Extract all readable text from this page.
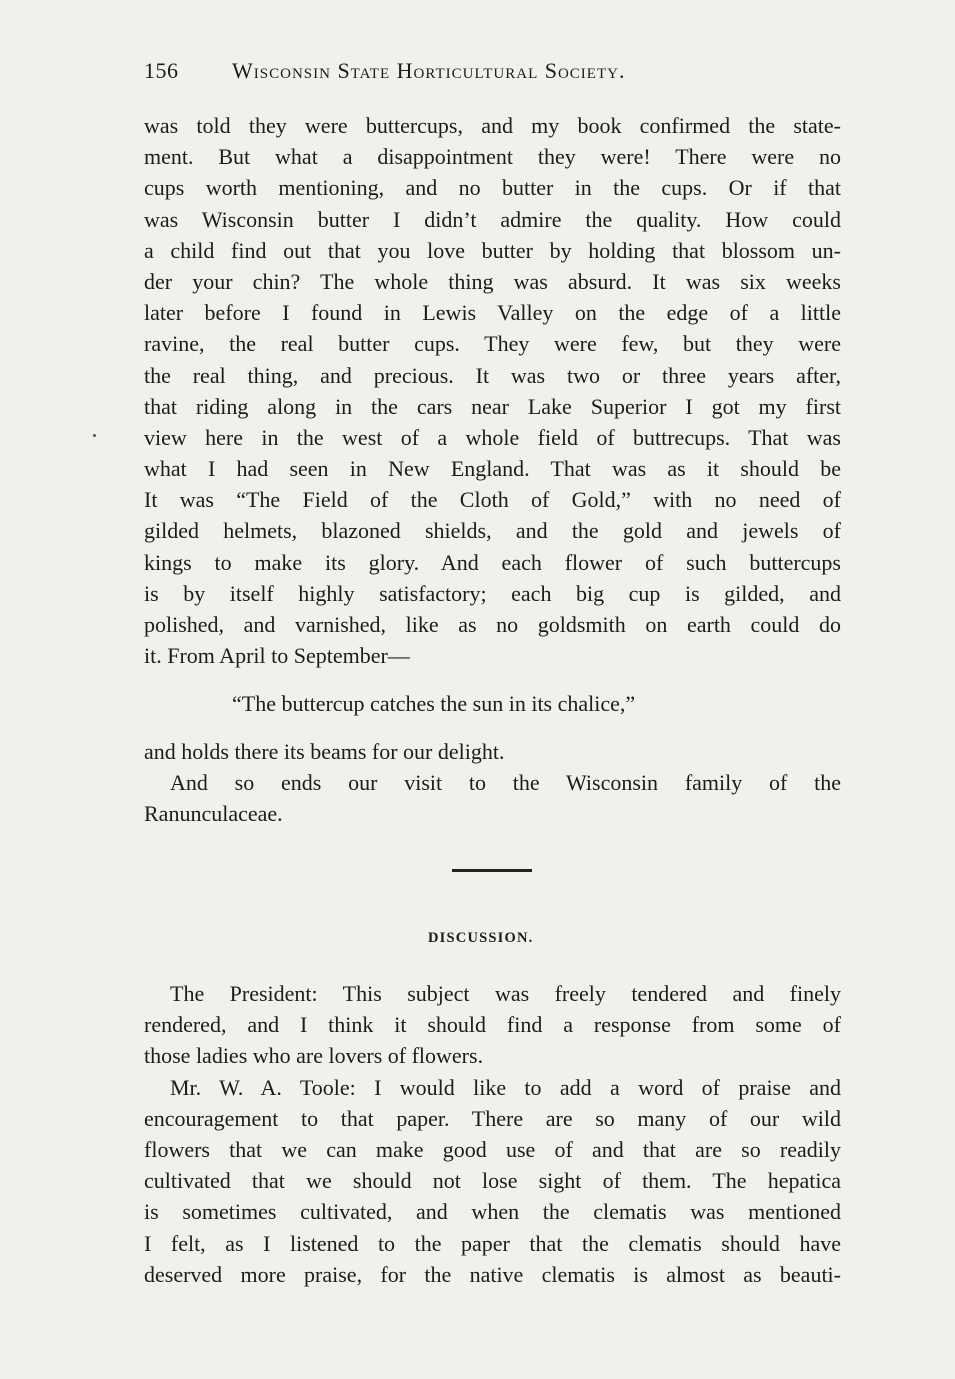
156 Wisconsin State Horticultural Society.
was told they were buttercups, and my book confirmed the state-
ment. But what a disappointment they were! There were no
cups worth mentioning, and no butter in the cups. Or if that
was Wisconsin butter I didn’t admire the quality. How could
a child find out that you love butter by holding that blossom un-
der your chin? The whole thing was absurd. It was six weeks
later before I found in Lewis Valley on the edge of a little
ravine, the real butter cups. They were few, but they were
the real thing, and precious. It was two or three years after,
that riding along in the cars near Lake Superior I got my first
view here in the west of a whole field of buttrecups. That was
what I had seen in New England. That was as it should be
It was “The Field of the Cloth of Gold,” with no need of
gilded helmets, blazoned shields, and the gold and jewels of
kings to make its glory. And each flower of such buttercups
is by itself highly satisfactory; each big cup is gilded, and
polished, and varnished, like as no goldsmith on earth could do
it. From April to September—
“The buttercup catches the sun in its chalice,”
and holds there its beams for our delight.
And so ends our visit to the Wisconsin family of the
Ranunculaceae.
DISCUSSION.
The President: This subject was freely tendered and finely
rendered, and I think it should find a response from some of
those ladies who are lovers of flowers.
Mr. W. A. Toole: I would like to add a word of praise and
encouragement to that paper. There are so many of our wild
flowers that we can make good use of and that are so readily
cultivated that we should not lose sight of them. The hepatica
is sometimes cultivated, and when the clematis was mentioned
I felt, as I listened to the paper that the clematis should have
deserved more praise, for the native clematis is almost as beauti-
